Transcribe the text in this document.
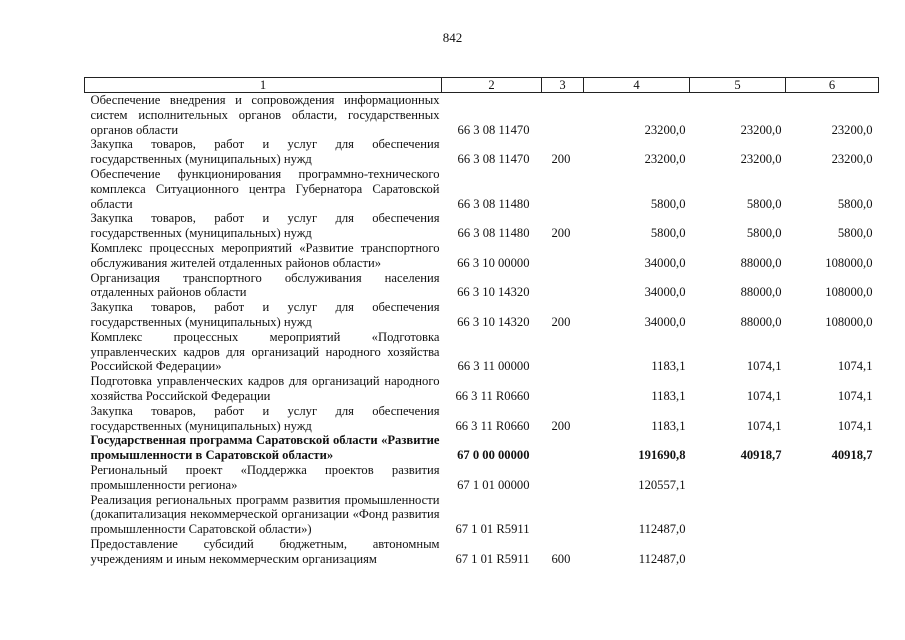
842
1	2	3	4	5	6
Обеспечение внедрения и сопровождения информационных систем исполнительных органов области, государственных органов области	66 3 08 11470		23200,0	23200,0	23200,0
Закупка товаров, работ и услуг для обеспечения государственных (муниципальных) нужд	66 3 08 11470	200	23200,0	23200,0	23200,0
Обеспечение функционирования программно-технического комплекса Ситуационного центра Губернатора Саратовской области	66 3 08 11480		5800,0	5800,0	5800,0
Закупка товаров, работ и услуг для обеспечения государственных (муниципальных) нужд	66 3 08 11480	200	5800,0	5800,0	5800,0
Комплекс процессных мероприятий «Развитие транспортного обслуживания жителей отдаленных районов области»	66 3 10 00000		34000,0	88000,0	108000,0
Организация транспортного обслуживания населения отдаленных районов области	66 3 10 14320		34000,0	88000,0	108000,0
Закупка товаров, работ и услуг для обеспечения государственных (муниципальных) нужд	66 3 10 14320	200	34000,0	88000,0	108000,0
Комплекс процессных мероприятий «Подготовка управленческих кадров для организаций народного хозяйства Российской Федерации»	66 3 11 00000		1183,1	1074,1	1074,1
Подготовка управленческих кадров для организаций народного хозяйства Российской Федерации	66 3 11 R0660		1183,1	1074,1	1074,1
Закупка товаров, работ и услуг для обеспечения государственных (муниципальных) нужд	66 3 11 R0660	200	1183,1	1074,1	1074,1
Государственная программа Саратовской области «Развитие промышленности в Саратовской области»	67 0 00 00000		191690,8	40918,7	40918,7
Региональный проект «Поддержка проектов развития промышленности региона»	67 1 01 00000		120557,1		
Реализация региональных программ развития промышленности (докапитализация некоммерческой организации «Фонд развития промышленности Саратовской области»)	67 1 01 R5911		112487,0		
Предоставление субсидий бюджетным, автономным учреждениям и иным некоммерческим организациям	67 1 01 R5911	600	112487,0		
